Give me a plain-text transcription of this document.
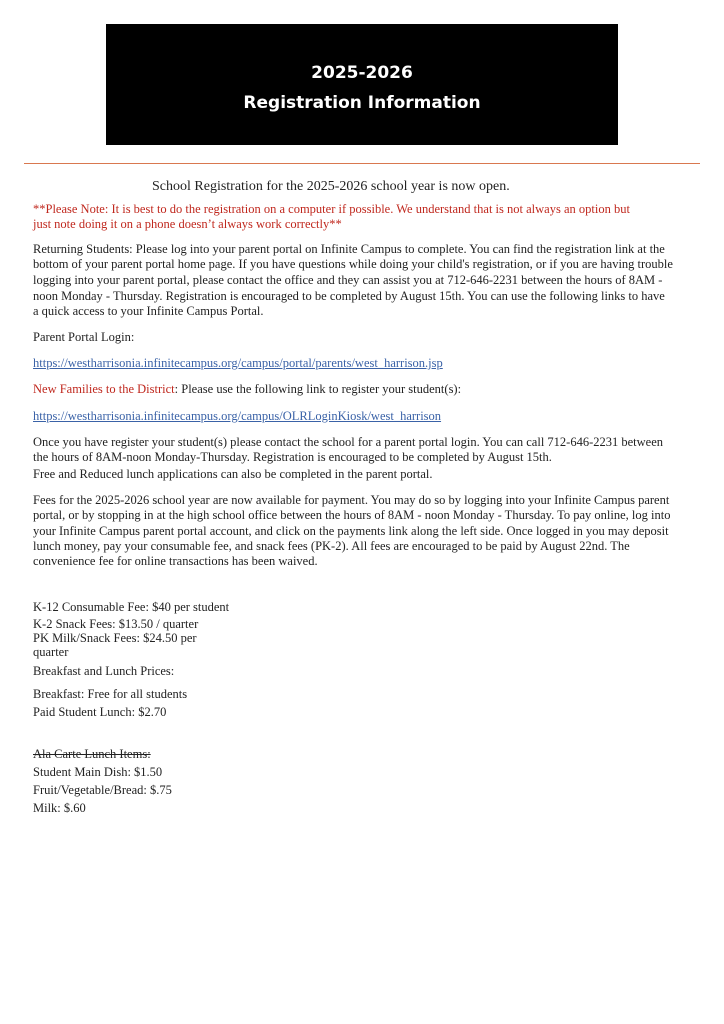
2025-2026
Registration Information

School Registration for the 2025-2026 school year is now open.

**Please Note: It is best to do the registration on a computer if possible. We understand that is not always an option but just note doing it on a phone doesn’t always work correctly**

Returning Students: Please log into your parent portal on Infinite Campus to complete. You can find the registration link at the bottom of your parent portal home page. If you have questions while doing your child's registration, or if you are having trouble logging into your parent portal, please contact the office and they can assist you at 712-646-2231 between the hours of 8AM - noon Monday - Thursday. Registration is encouraged to be completed by August 15th. You can use the following links to have a quick access to your Infinite Campus Portal.

Parent Portal Login:

https://westharrisonia.infinitecampus.org/campus/portal/parents/west_harrison.jsp

New Families to the District: Please use the following link to register your student(s):

https://westharrisonia.infinitecampus.org/campus/OLRLoginKiosk/west_harrison

Once you have register your student(s) please contact the school for a parent portal login. You can call 712-646-2231 between the hours of 8AM-noon Monday-Thursday. Registration is encouraged to be completed by August 15th.

Free and Reduced lunch applications can also be completed in the parent portal.

Fees for the 2025-2026 school year are now available for payment. You may do so by logging into your Infinite Campus parent portal, or by stopping in at the high school office between the hours of 8AM - noon Monday - Thursday. To pay online, log into your Infinite Campus parent portal account, and click on the payments link along the left side. Once logged in you may deposit lunch money, pay your consumable fee, and snack fees (PK-2). All fees are encouraged to be paid by August 22nd. The convenience fee for online transactions has been waived.

K-12 Consumable Fee: $40 per student

K-2 Snack Fees: $13.50 / quarter

PK Milk/Snack Fees: $24.50 per quarter

Breakfast and Lunch Prices:

Breakfast: Free for all students

Paid Student Lunch: $2.70

Ala Carte Lunch Items:

Student Main Dish: $1.50

Fruit/Vegetable/Bread: $.75

Milk: $.60
